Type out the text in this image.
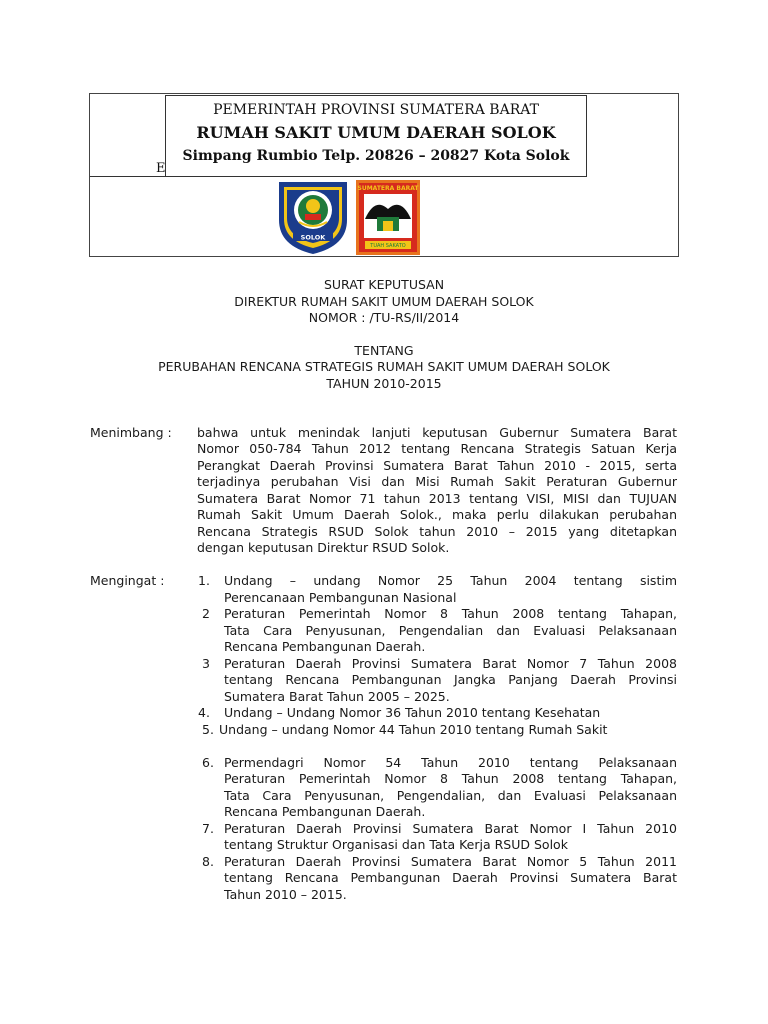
E
PEMERINTAH PROVINSI SUMATERA BARAT
RUMAH SAKIT UMUM DAERAH SOLOK
Simpang Rumbio Telp. 20826 – 20827 Kota Solok
SOLOK
SUMATERA BARAT
TUAH SAKATO
SURAT KEPUTUSAN
DIREKTUR RUMAH SAKIT UMUM DAERAH SOLOK
NOMOR : /TU-RS/II/2014
TENTANG
PERUBAHAN RENCANA STRATEGIS RUMAH SAKIT UMUM DAERAH SOLOK
TAHUN 2010-2015
Menimbang : bahwa untuk menindak lanjuti keputusan Gubernur Sumatera Barat
Nomor 050-784 Tahun 2012 tentang Rencana Strategis Satuan Kerja
Perangkat Daerah Provinsi Sumatera Barat Tahun 2010 - 2015, serta
terjadinya perubahan Visi dan Misi Rumah Sakit Peraturan Gubernur
Sumatera Barat Nomor 71 tahun 2013 tentang VISI, MISI dan TUJUAN
Rumah Sakit Umum Daerah Solok., maka perlu dilakukan perubahan
Rencana Strategis RSUD Solok tahun 2010 – 2015 yang ditetapkan
dengan keputusan Direktur RSUD Solok.
Mengingat :	1. Undang – undang Nomor 25 Tahun 2004 tentang sistim
Perencanaan Pembangunan Nasional
2 Peraturan Pemerintah Nomor 8 Tahun 2008 tentang Tahapan,
Tata Cara Penyusunan, Pengendalian dan Evaluasi Pelaksanaan
Rencana Pembangunan Daerah.
3 Peraturan Daerah Provinsi Sumatera Barat Nomor 7 Tahun 2008
tentang Rencana Pembangunan Jangka Panjang Daerah Provinsi
Sumatera Barat Tahun 2005 – 2025.
4. Undang – Undang Nomor 36 Tahun 2010 tentang Kesehatan
5. Undang – undang Nomor 44 Tahun 2010 tentang Rumah Sakit
6. Permendagri Nomor 54 Tahun 2010 tentang Pelaksanaan
Peraturan Pemerintah Nomor 8 Tahun 2008 tentang Tahapan,
Tata Cara Penyusunan, Pengendalian, dan Evaluasi Pelaksanaan
Rencana Pembangunan Daerah.
7. Peraturan Daerah Provinsi Sumatera Barat Nomor I Tahun 2010
tentang Struktur Organisasi dan Tata Kerja RSUD Solok
8. Peraturan Daerah Provinsi Sumatera Barat Nomor 5 Tahun 2011
tentang Rencana Pembangunan Daerah Provinsi Sumatera Barat
Tahun 2010 – 2015.
